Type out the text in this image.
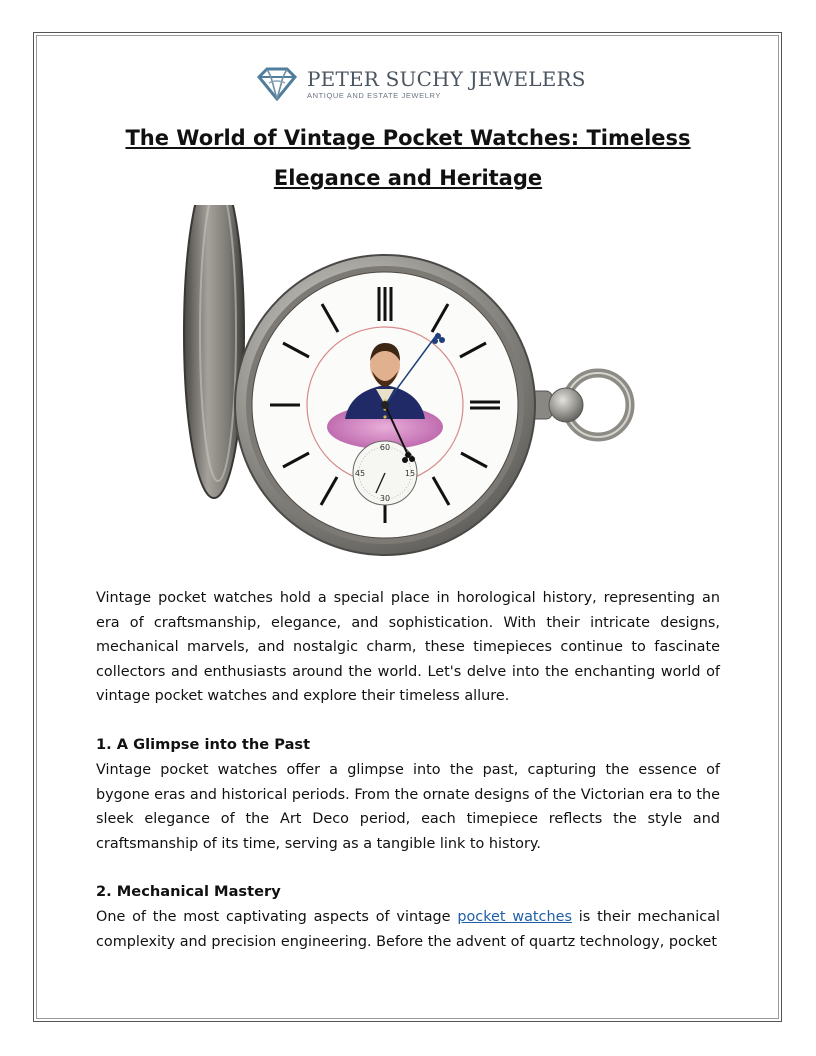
PETER SUCHY JEWELERS
ANTIQUE AND ESTATE JEWELRY
The World of Vintage Pocket Watches: Timeless Elegance and Heritage
60
15
45
30
Vintage pocket watches hold a special place in horological history, representing an era of craftsmanship, elegance, and sophistication. With their intricate designs, mechanical marvels, and nostalgic charm, these timepieces continue to fascinate collectors and enthusiasts around the world. Let's delve into the enchanting world of vintage pocket watches and explore their timeless allure.
1. A Glimpse into the Past
Vintage pocket watches offer a glimpse into the past, capturing the essence of bygone eras and historical periods. From the ornate designs of the Victorian era to the sleek elegance of the Art Deco period, each timepiece reflects the style and craftsmanship of its time, serving as a tangible link to history.
2. Mechanical Mastery
One of the most captivating aspects of vintage pocket watches is their mechanical complexity and precision engineering. Before the advent of quartz technology, pocket
